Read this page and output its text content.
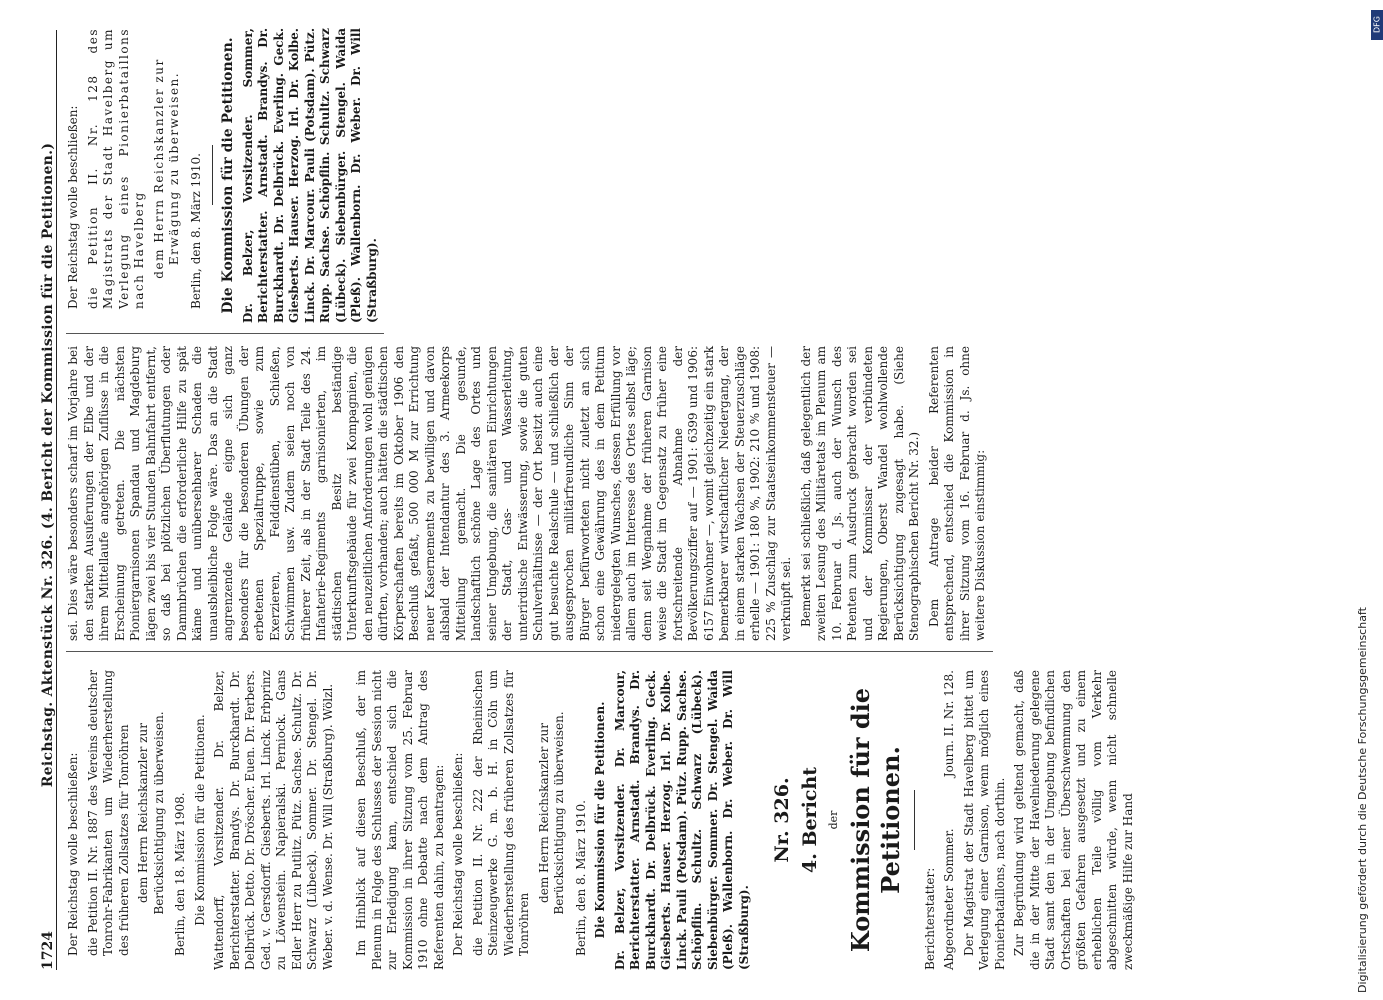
1724
Reichstag. Aktenstück Nr. 326. (4. Bericht der Kommission für die Petitionen.)

Der Reichstag wolle beschließen: die Petition II. Nr. 1887 des Vereins deutscher Tonrohr-Fabrikanten um Wiederherstellung des früheren Zollsatzes für Tonröhren dem Herrn Reichskanzler zur Berücksichtigung zu überweisen. Berlin, den 18. März 1908. Die Kommission für die Petitionen. Wattendorff, Vorsitzender. Dr. Belzer, Berichterstatter. Brandys. Dr. Burckhardt. Dr. Delbrück. Detto. Dr. Dröscher. Euen. Dr. Ferbers. Ged. v. Gersdorff. Giesberts. Irl. Linck. Erbprinz zu Löwenstein. Napieralski. Perniock. Gans Edler Herr zu Putlitz. Pütz. Sachse. Schultz. Dr. Schwarz (Lübeck). Sommer. Dr. Stengel. Dr. Weber. v. d. Wense. Dr. Will (Straßburg). Wölzl. Im Hinblick auf diesen Beschluß, der im Plenum in Folge des Schlusses der Session nicht zur Erledigung kam, entschied sich die Kommission in ihrer Sitzung vom 25. Februar 1910 ohne Debatte nach dem Antrag des Referenten dahin, zu beantragen: Der Reichstag wolle beschließen: die Petition II. Nr. 222 der Rheinischen Steinzeugwerke G. m. b. H. in Cöln um Wiederherstellung des früheren Zollsatzes für Tonröhren

dem Herrn Reichskanzler zur Berücksichtigung zu überweisen. Berlin, den 8. März 1910. Die Kommission für die Petitionen. Dr. Belzer, Vorsitzender. Dr. Marcour, Berichterstatter. Arnstadt. Brandys. Dr. Burckhardt. Dr. Delbrück. Everling. Geck. Giesberts. Hauser. Herzog. Irl. Dr. Kolbe. Linck. Pauli (Potsdam). Pütz. Rupp. Sachse. Schöpflin. Schultz. Schwarz (Lübeck). Siebenbürger. Sommer. Dr. Stengel. Waida (Pleß). Wallenborn. Dr. Weber. Dr. Will (Straßburg).

Nr. 326. 4. Bericht der Kommission für die Petitionen.

Berichterstatter: Abgeordneter Sommer.
Journ. II. Nr. 128. Der Magistrat der Stadt Havelberg bittet um Verlegung einer Garnison, wenn möglich eines Pionierbataillons, nach dorthin. Zur Begründung wird geltend gemacht, daß die in der Mitte der Havelniederung gelegene Stadt samt den in der Umgebung befindlichen Ortschaften bei einer Überschwemmung den größten Gefahren ausgesetzt und zu einem erheblichen Teile völlig vom Verkehr abgeschnitten würde, wenn nicht schnelle zweckmäßige Hilfe zur Hand

sei. Dies wäre besonders scharf im Vorjahre bei den starken Ausuferungen der Elbe und der ihrem Mittellaufe angehörigen Zuflüsse in die Erscheinung getreten. Die nächsten Pioniergarnisonen Spandau und Magdeburg lägen zwei bis vier Stunden Bahnfahrt entfernt, so daß bei plötzlichen Überflutungen oder Dammbrüchen die erforderliche Hilfe zu spät käme und unübersehbarer Schaden die unausbleibliche Folge wäre. Das an die Stadt angrenzende Gelände eigne sich ganz besonders für die besonderen Übungen der erbetenen Spezialtruppe, sowie zum Exerzieren, Felddienstüben, Schießen, Schwimmen usw. Zudem seien noch von früherer Zeit, als in der Stadt Teile des 24. Infanterie-Regiments garnisonierten, im städtischen Besitz beständige Unterkunftsgebäude für zwei Kompagnien, die den neuzeitlichen Anforderungen wohl genügen dürften, vorhanden; auch hätten die städtischen Körperschaften bereits im Oktober 1906 den Beschluß gefaßt, 500 000 M zur Errichtung neuer Kasernements zu bewilligen und davon alsbald der Intendantur des 3. Armeekorps Mitteilung gemacht. Die gesunde, landschaftlich schöne Lage des Ortes und seiner Umgebung, die sanitären Einrichtungen der Stadt, Gas- und Wasserleitung, unterirdische Entwässerung, sowie die guten Schulverhältnisse — der Ort besitzt auch eine gut besuchte Realschule — und schließlich der ausgesprochen militärfreundliche Sinn der Bürger befürworteten nicht zuletzt an sich schon eine Gewährung des in dem Petitum niedergelegten Wunsches, dessen Erfüllung vor allem auch im Interesse des Ortes selbst läge; denn seit Wegnahme der früheren Garnison weise die Stadt im Gegensatz zu früher eine fortschreitende Abnahme der Bevölkerungsziffer auf — 1901: 6399 und 1906: 6157 Einwohner —, womit gleichzeitig ein stark bemerkbarer wirtschaftlicher Niedergang, der in einem starken Wachsen der Steuerzuschläge erhelle — 1901: 180 %, 1902: 210 % und 1908: 225 % Zuschlag zur Staatseinkommensteuer — verknüpft sei. Bemerkt sei schließlich, daß gelegentlich der zweiten Lesung des Militäretats im Plenum am 10. Februar d. Js. auch der Wunsch des Petenten zum Ausdruck gebracht worden sei und der Kommissar der verbündeten Regierungen, Oberst Wandel wohlwollende Berücksichtigung zugesagt habe. (Siehe Stenographischen Bericht Nr. 32.) Dem Antrage beider Referenten entsprechend, entschied die Kommission in ihrer Sitzung vom 16. Februar d. Js. ohne weitere Diskussion einstimmig:

Der Reichstag wolle beschließen: die Petition II. Nr. 128 des Magistrats der Stadt Havelberg um Verlegung eines Pionierbataillons nach Havelberg dem Herrn Reichskanzler zur Erwägung zu überweisen. Berlin, den 8. März 1910. Die Kommission für die Petitionen. Dr. Belzer, Vorsitzender. Sommer, Berichterstatter. Arnstadt. Brandys. Dr. Burckhardt. Dr. Delbrück. Everling. Geck. Giesberts. Hauser. Herzog. Irl. Dr. Kolbe. Linck. Dr. Marcour. Pauli (Potsdam). Pütz. Rupp. Sachse. Schöpflin. Schultz. Schwarz (Lübeck). Siebenbürger. Stengel. Waida (Pleß). Wallenborn. Dr. Weber. Dr. Will (Straßburg).

DFG
Digitalisierung gefördert durch die Deutsche Forschungsgemeinschaft
